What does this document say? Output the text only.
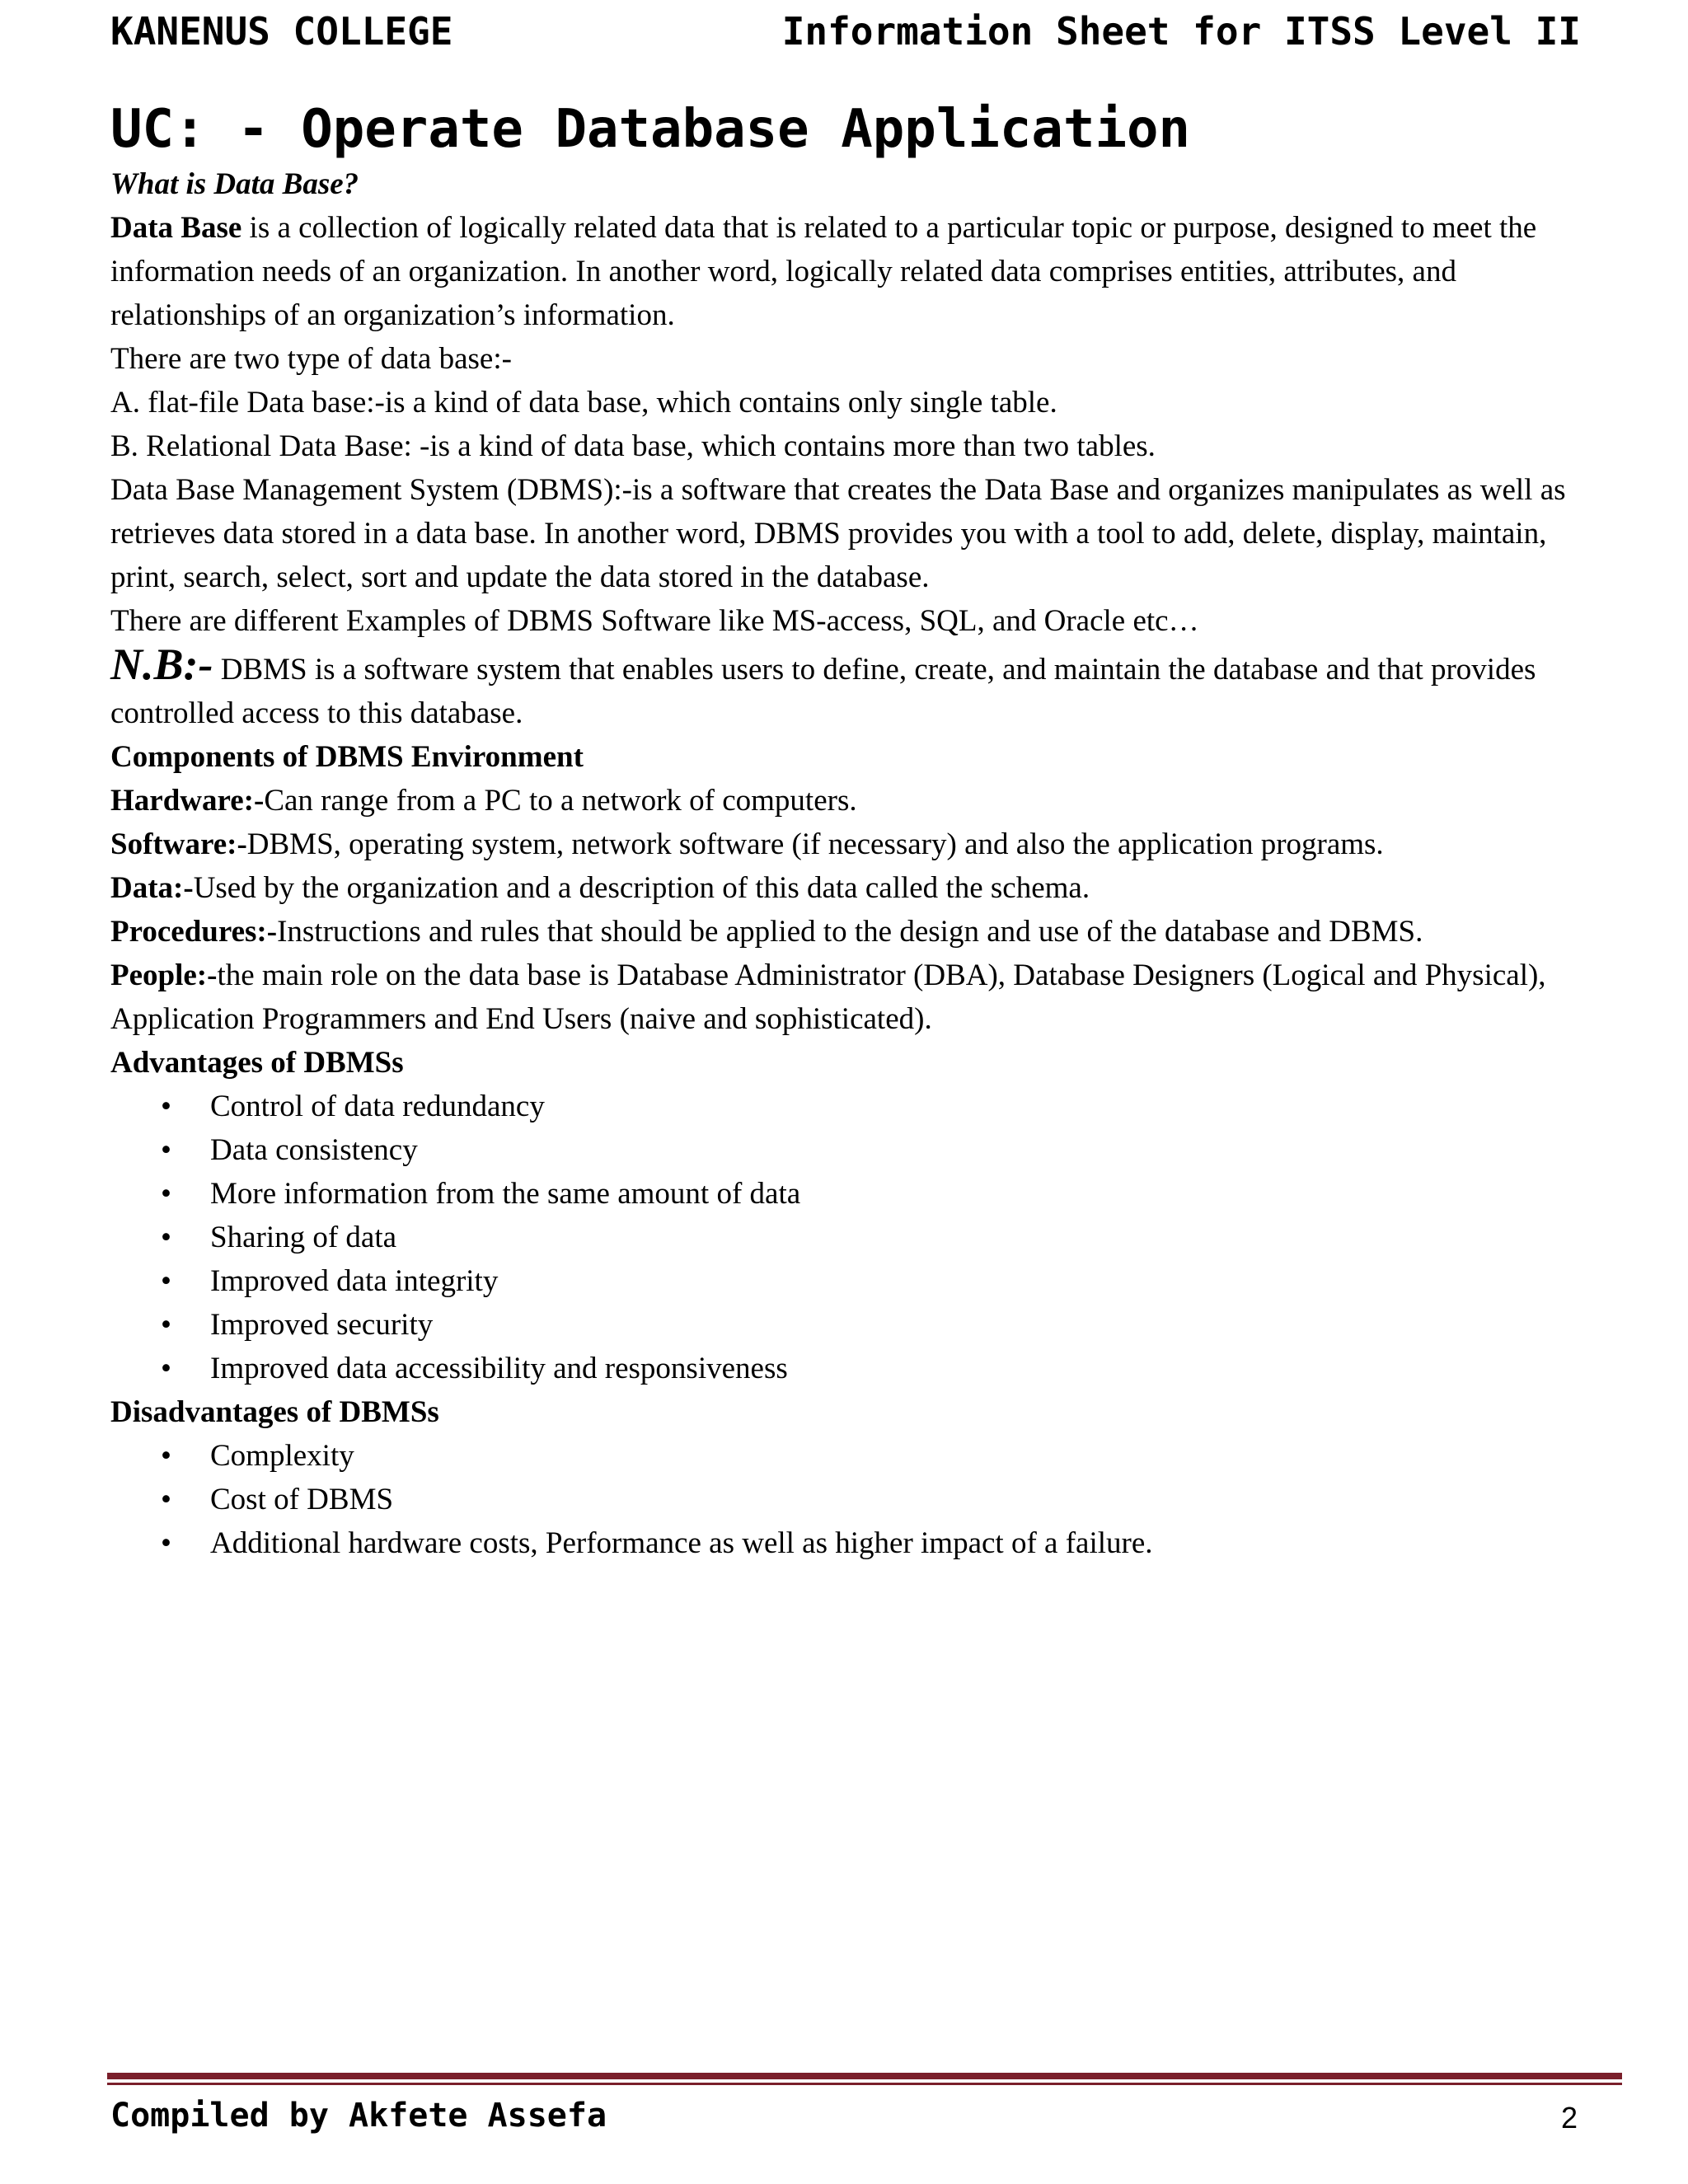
KANENUS COLLEGE	Information Sheet for ITSS Level II
UC: - Operate Database Application

What is Data Base?

Data Base is a collection of logically related data that is related to a particular topic or purpose, designed to meet the information needs of an organization. In another word, logically related data comprises entities, attributes, and relationships of an organization’s information.

There are two type of data base:-

A. flat-file Data base:-is a kind of data base, which contains only single table.

B. Relational Data Base: -is a kind of data base, which contains more than two tables.

Data Base Management System (DBMS):-is a software that creates the Data Base and organizes manipulates as well as retrieves data stored in a data base. In another word, DBMS provides you with a tool to add, delete, display, maintain, print, search, select, sort and update the data stored in the database.

There are different Examples of DBMS Software like MS-access, SQL, and Oracle etc…

N.B:- DBMS is a software system that enables users to define, create, and maintain the database and that provides controlled access to this database.

Components of DBMS Environment

Hardware:-Can range from a PC to a network of computers.

Software:-DBMS, operating system, network software (if necessary) and also the application programs.

Data:-Used by the organization and a description of this data called the schema.

Procedures:-Instructions and rules that should be applied to the design and use of the database and DBMS.

People:-the main role on the data base is Database Administrator (DBA), Database Designers (Logical and Physical), Application Programmers and End Users (naive and sophisticated).

Advantages of DBMSs

• Control of data redundancy
• Data consistency
• More information from the same amount of data
• Sharing of data
• Improved data integrity
• Improved security
• Improved data accessibility and responsiveness

Disadvantages of DBMSs

• Complexity
• Cost of DBMS
• Additional hardware costs, Performance as well as higher impact of a failure.
Compiled by Akfete Assefa	2
